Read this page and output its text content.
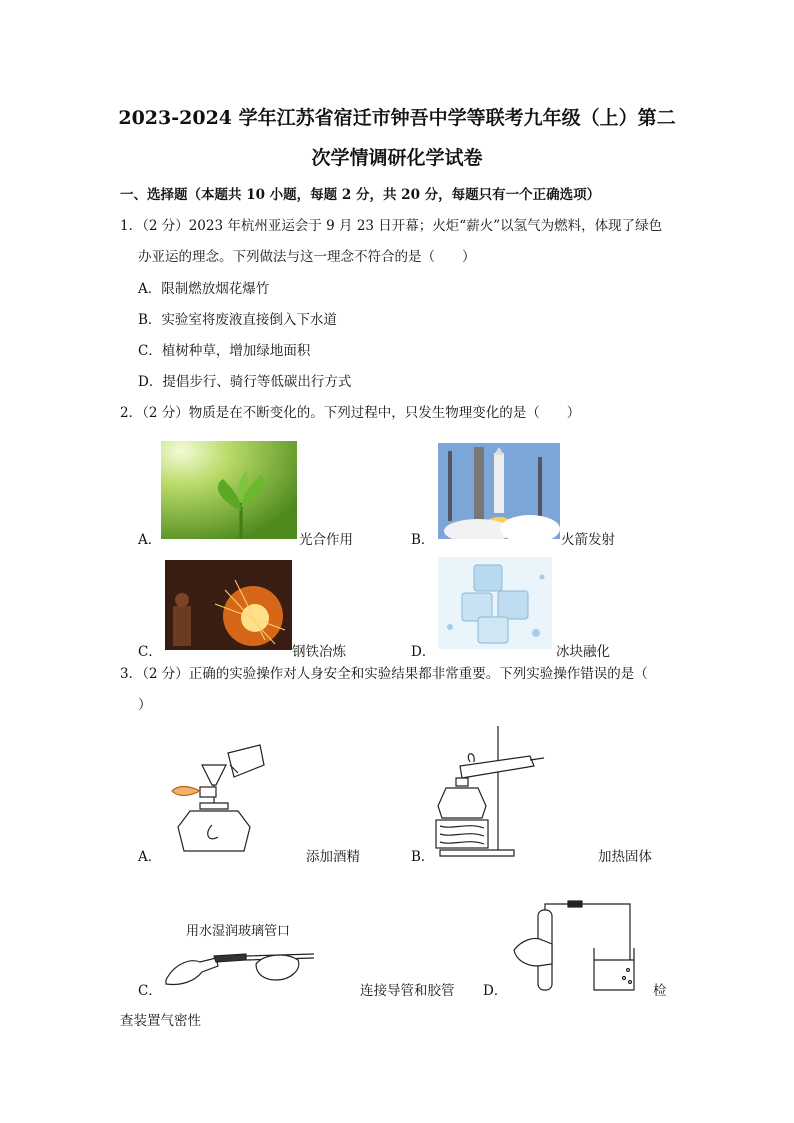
2023-2024 学年江苏省宿迁市钟吾中学等联考九年级（上）第二
次学情调研化学试卷
一、选择题（本题共 10 小题，每题 2 分，共 20 分，每题只有一个正确选项）
1．（2 分）2023 年杭州亚运会于 9 月 23 日开幕；火炬“薪火”以氢气为燃料，体现了绿色
办亚运的理念。下列做法与这一理念不符合的是（　　）
A．限制燃放烟花爆竹
B．实验室将废液直接倒入下水道
C．植树种草，增加绿地面积
D．提倡步行、骑行等低碳出行方式
2．（2 分）物质是在不断变化的。下列过程中，只发生物理变化的是（　　）
A．	光合作用	B．	火箭发射
C．	钢铁冶炼	D．	冰块融化
3．（2 分）正确的实验操作对人身安全和实验结果都非常重要。下列实验操作错误的是（
）
A．	添加酒精	B．	加热固体
用水湿润玻璃管口
C．	连接导管和胶管 D．	检
查装置气密性
